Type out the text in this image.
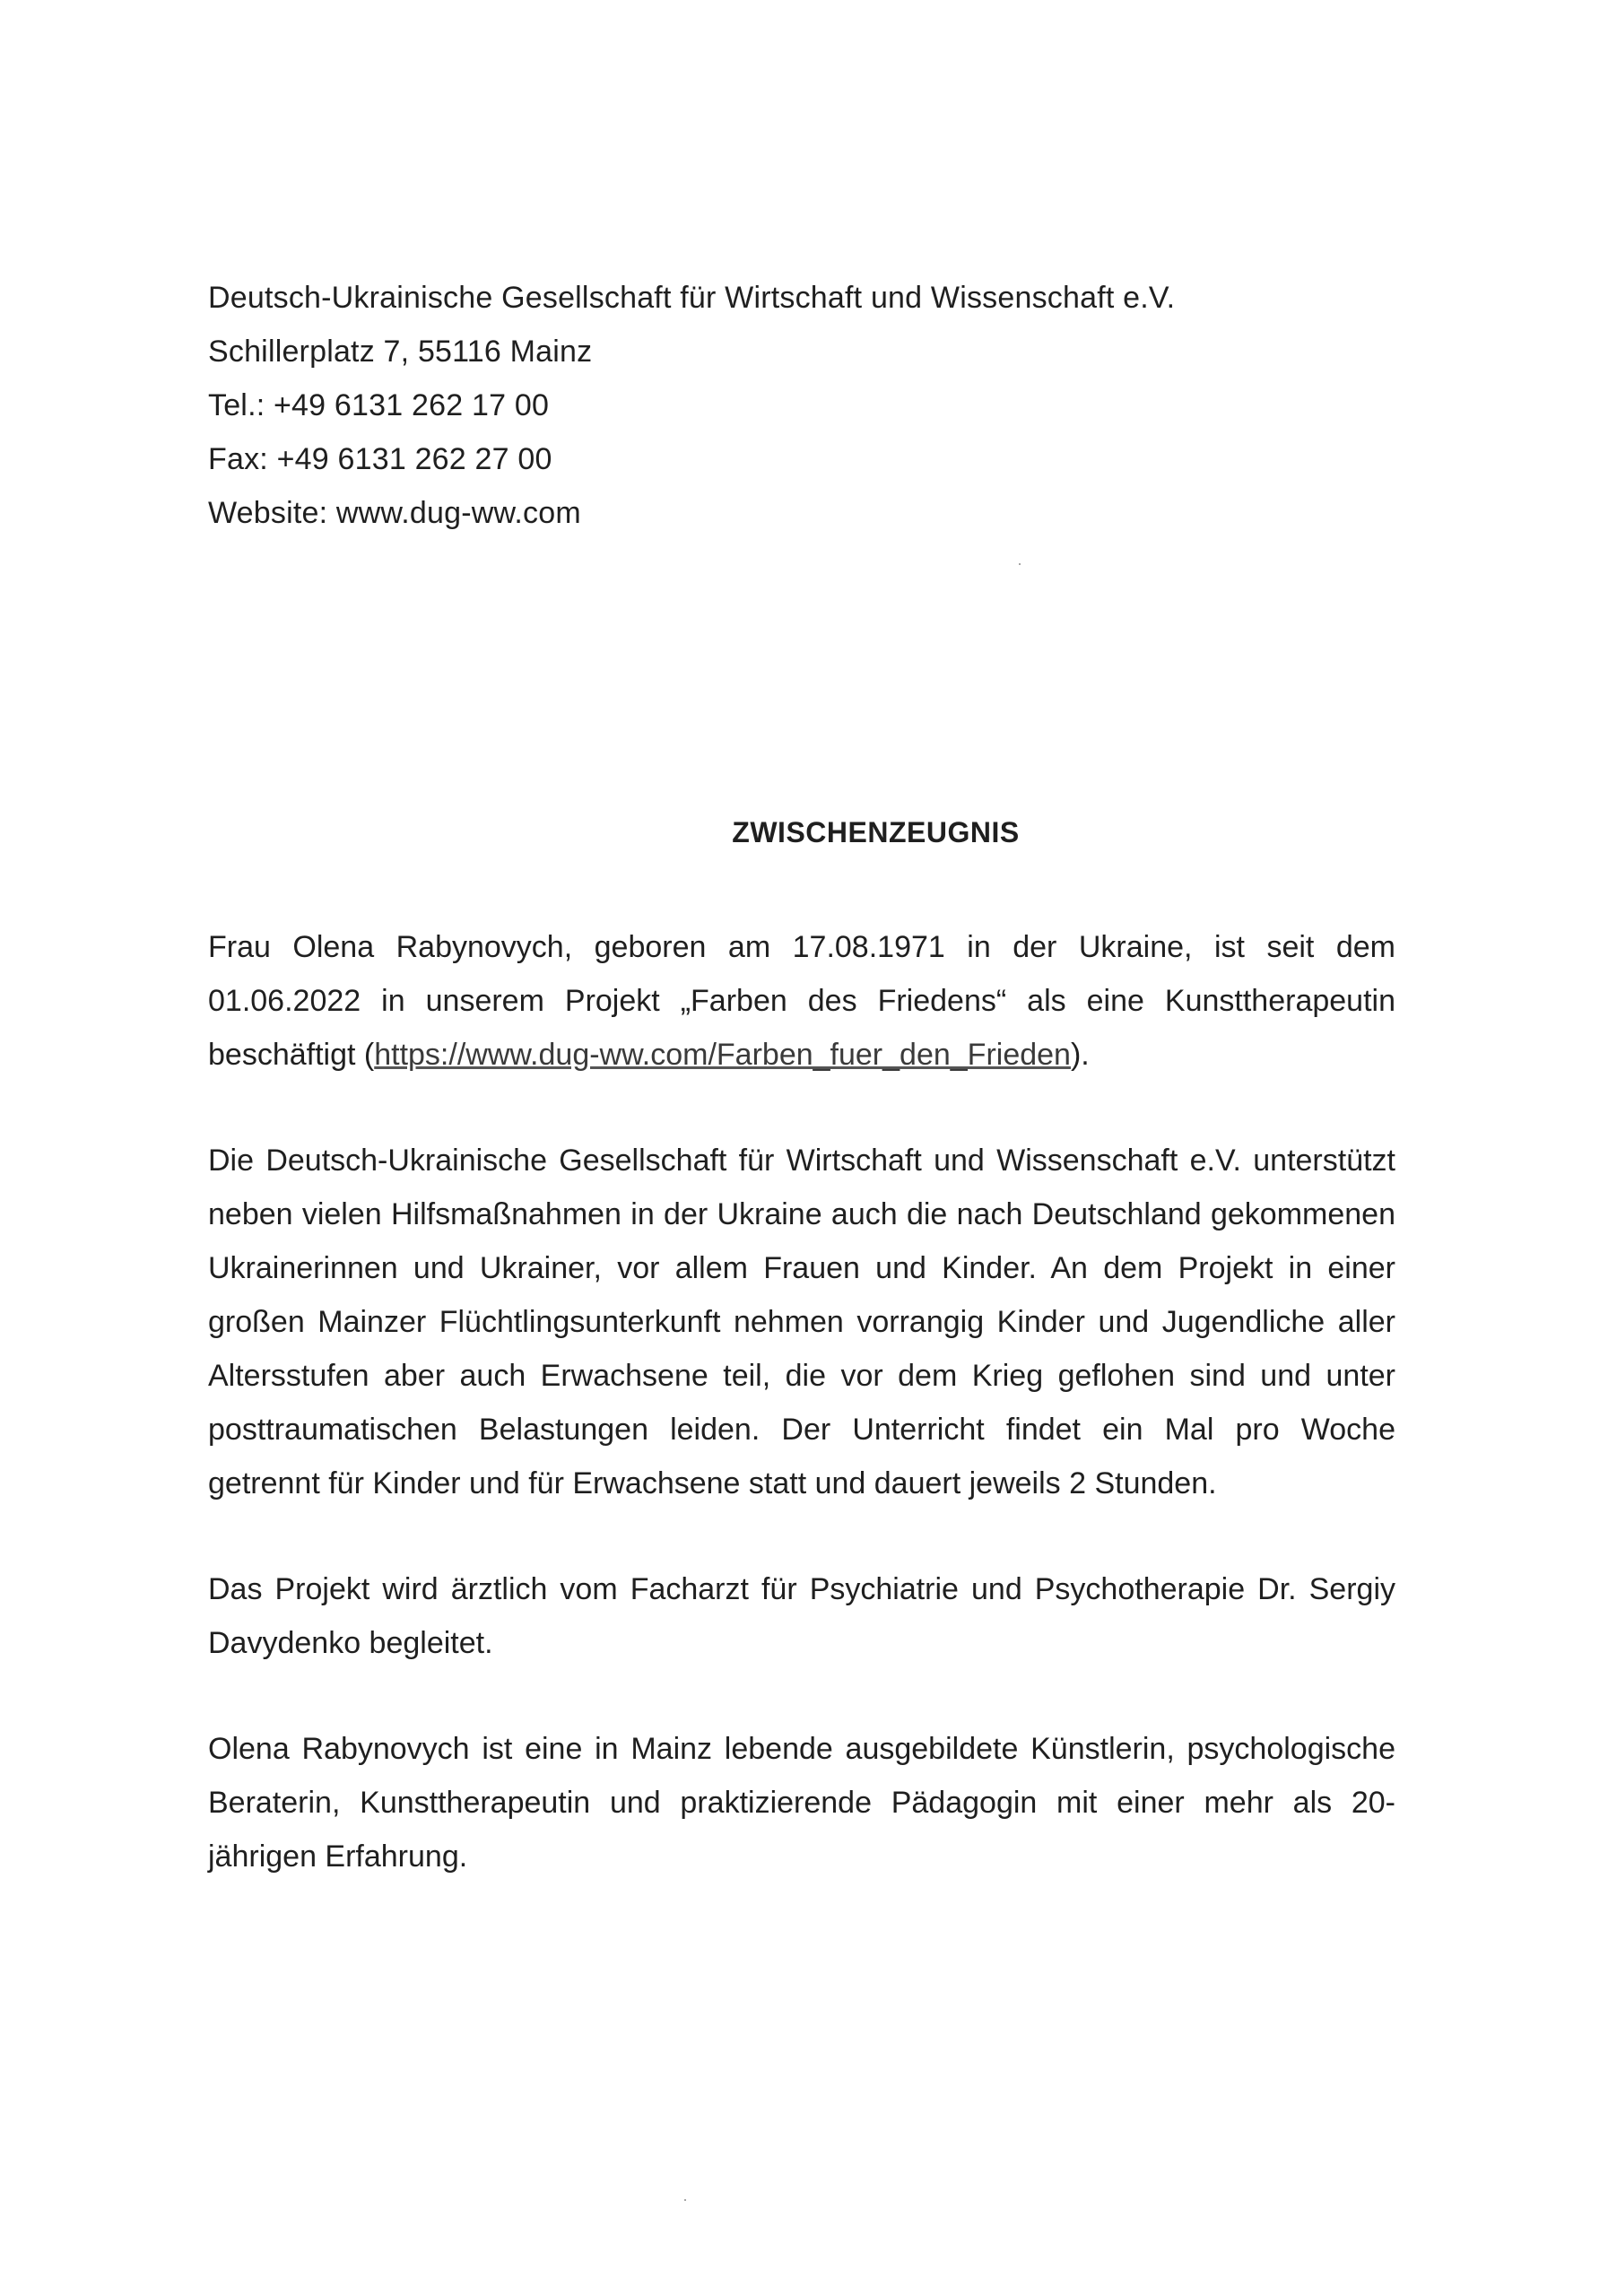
Deutsch-Ukrainische Gesellschaft für Wirtschaft und Wissenschaft e.V.
Schillerplatz 7, 55116 Mainz
Tel.: +49 6131 262 17 00
Fax: +49 6131 262 27 00
Website: www.dug-ww.com
ZWISCHENZEUGNIS

Frau Olena Rabynovych, geboren am 17.08.1971 in der Ukraine, ist seit dem 01.06.2022 in unserem Projekt „Farben des Friedens“ als eine Kunsttherapeutin beschäftigt (https://www.dug-ww.com/Farben_fuer_den_Frieden).

Die Deutsch-Ukrainische Gesellschaft für Wirtschaft und Wissenschaft e.V. unterstützt neben vielen Hilfsmaßnahmen in der Ukraine auch die nach Deutschland gekommenen Ukrainerinnen und Ukrainer, vor allem Frauen und Kinder. An dem Projekt in einer großen Mainzer Flüchtlingsunterkunft nehmen vorrangig Kinder und Jugendliche aller Altersstufen aber auch Erwachsene teil, die vor dem Krieg geflohen sind und unter posttraumatischen Belastungen leiden. Der Unterricht findet ein Mal pro Woche getrennt für Kinder und für Erwachsene statt und dauert jeweils 2 Stunden.

Das Projekt wird ärztlich vom Facharzt für Psychiatrie und Psychotherapie Dr. Sergiy Davydenko begleitet.

Olena Rabynovych ist eine in Mainz lebende ausgebildete Künstlerin, psychologische Beraterin, Kunsttherapeutin und praktizierende Pädagogin mit einer mehr als 20-jährigen Erfahrung.
